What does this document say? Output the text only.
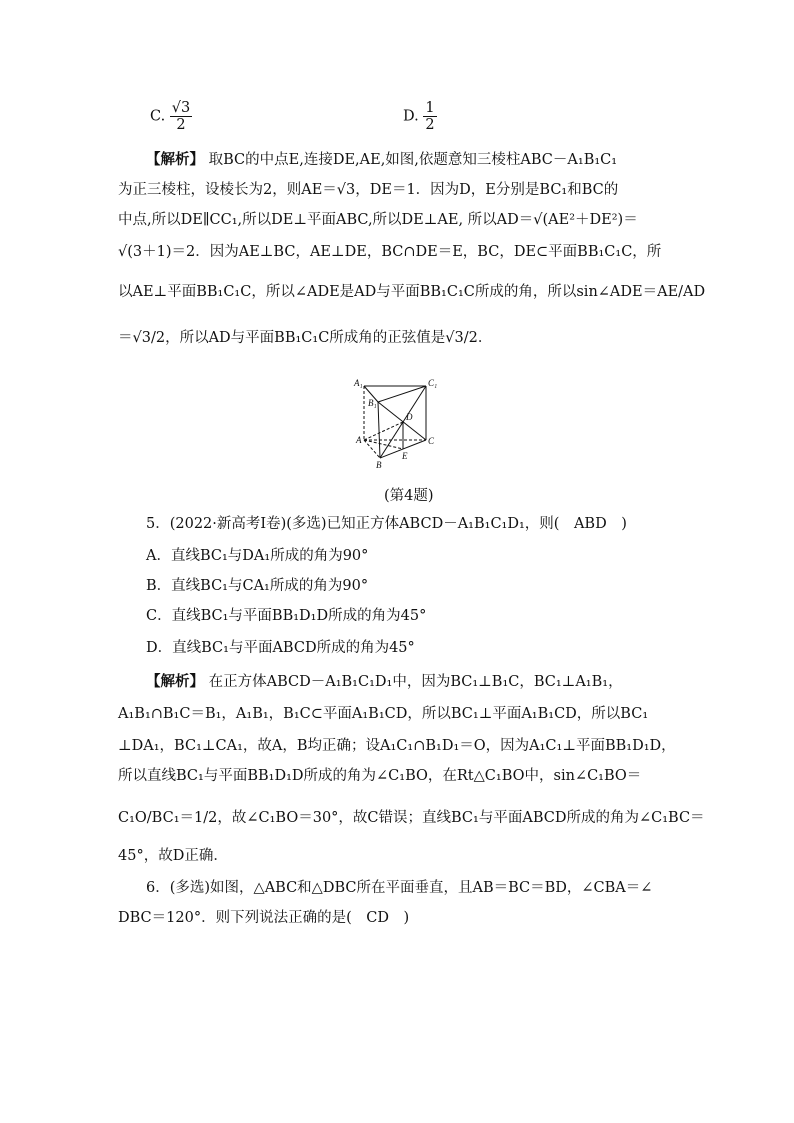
C. $\frac{√3}{2}$	D. $\frac{1}{2}$
【解析】 取BC的中点E,连接DE,AE,如图,依题意知三棱柱ABC－A₁B₁C₁
为正三棱柱，设棱长为2，则AE＝√3，DE＝1．因为D，E分别是BC₁和BC的
中点,所以DE∥CC₁,所以DE⊥平面ABC,所以DE⊥AE, 所以AD＝√(AE²＋DE²)＝
√(3＋1)＝2．因为AE⊥BC，AE⊥DE，BC∩DE＝E，BC，DE⊂平面BB₁C₁C，所
以AE⊥平面BB₁C₁C，所以∠ADE是AD与平面BB₁C₁C所成的角，所以sin∠ADE＝AE/AD
＝√3/2，所以AD与平面BB₁C₁C所成角的正弦值是√3/2．
A₁	C₁
B₁
D
A	C
B
E
(第4题)
5．(2022·新高考Ⅰ卷)(多选)已知正方体ABCD－A₁B₁C₁D₁，则(　ABD　)
A．直线BC₁与DA₁所成的角为90°
B．直线BC₁与CA₁所成的角为90°
C．直线BC₁与平面BB₁D₁D所成的角为45°
D．直线BC₁与平面ABCD所成的角为45°
【解析】 在正方体ABCD－A₁B₁C₁D₁中，因为BC₁⊥B₁C，BC₁⊥A₁B₁，
A₁B₁∩B₁C＝B₁，A₁B₁，B₁C⊂平面A₁B₁CD，所以BC₁⊥平面A₁B₁CD，所以BC₁
⊥DA₁，BC₁⊥CA₁，故A，B均正确；设A₁C₁∩B₁D₁＝O，因为A₁C₁⊥平面BB₁D₁D，
所以直线BC₁与平面BB₁D₁D所成的角为∠C₁BO，在Rt△C₁BO中，sin∠C₁BO＝
C₁O/BC₁＝1/2，故∠C₁BO＝30°，故C错误；直线BC₁与平面ABCD所成的角为∠C₁BC＝
45°，故D正确．
6．(多选)如图，△ABC和△DBC所在平面垂直，且AB＝BC＝BD，∠CBA＝∠
DBC＝120°．则下列说法正确的是(　CD　)
